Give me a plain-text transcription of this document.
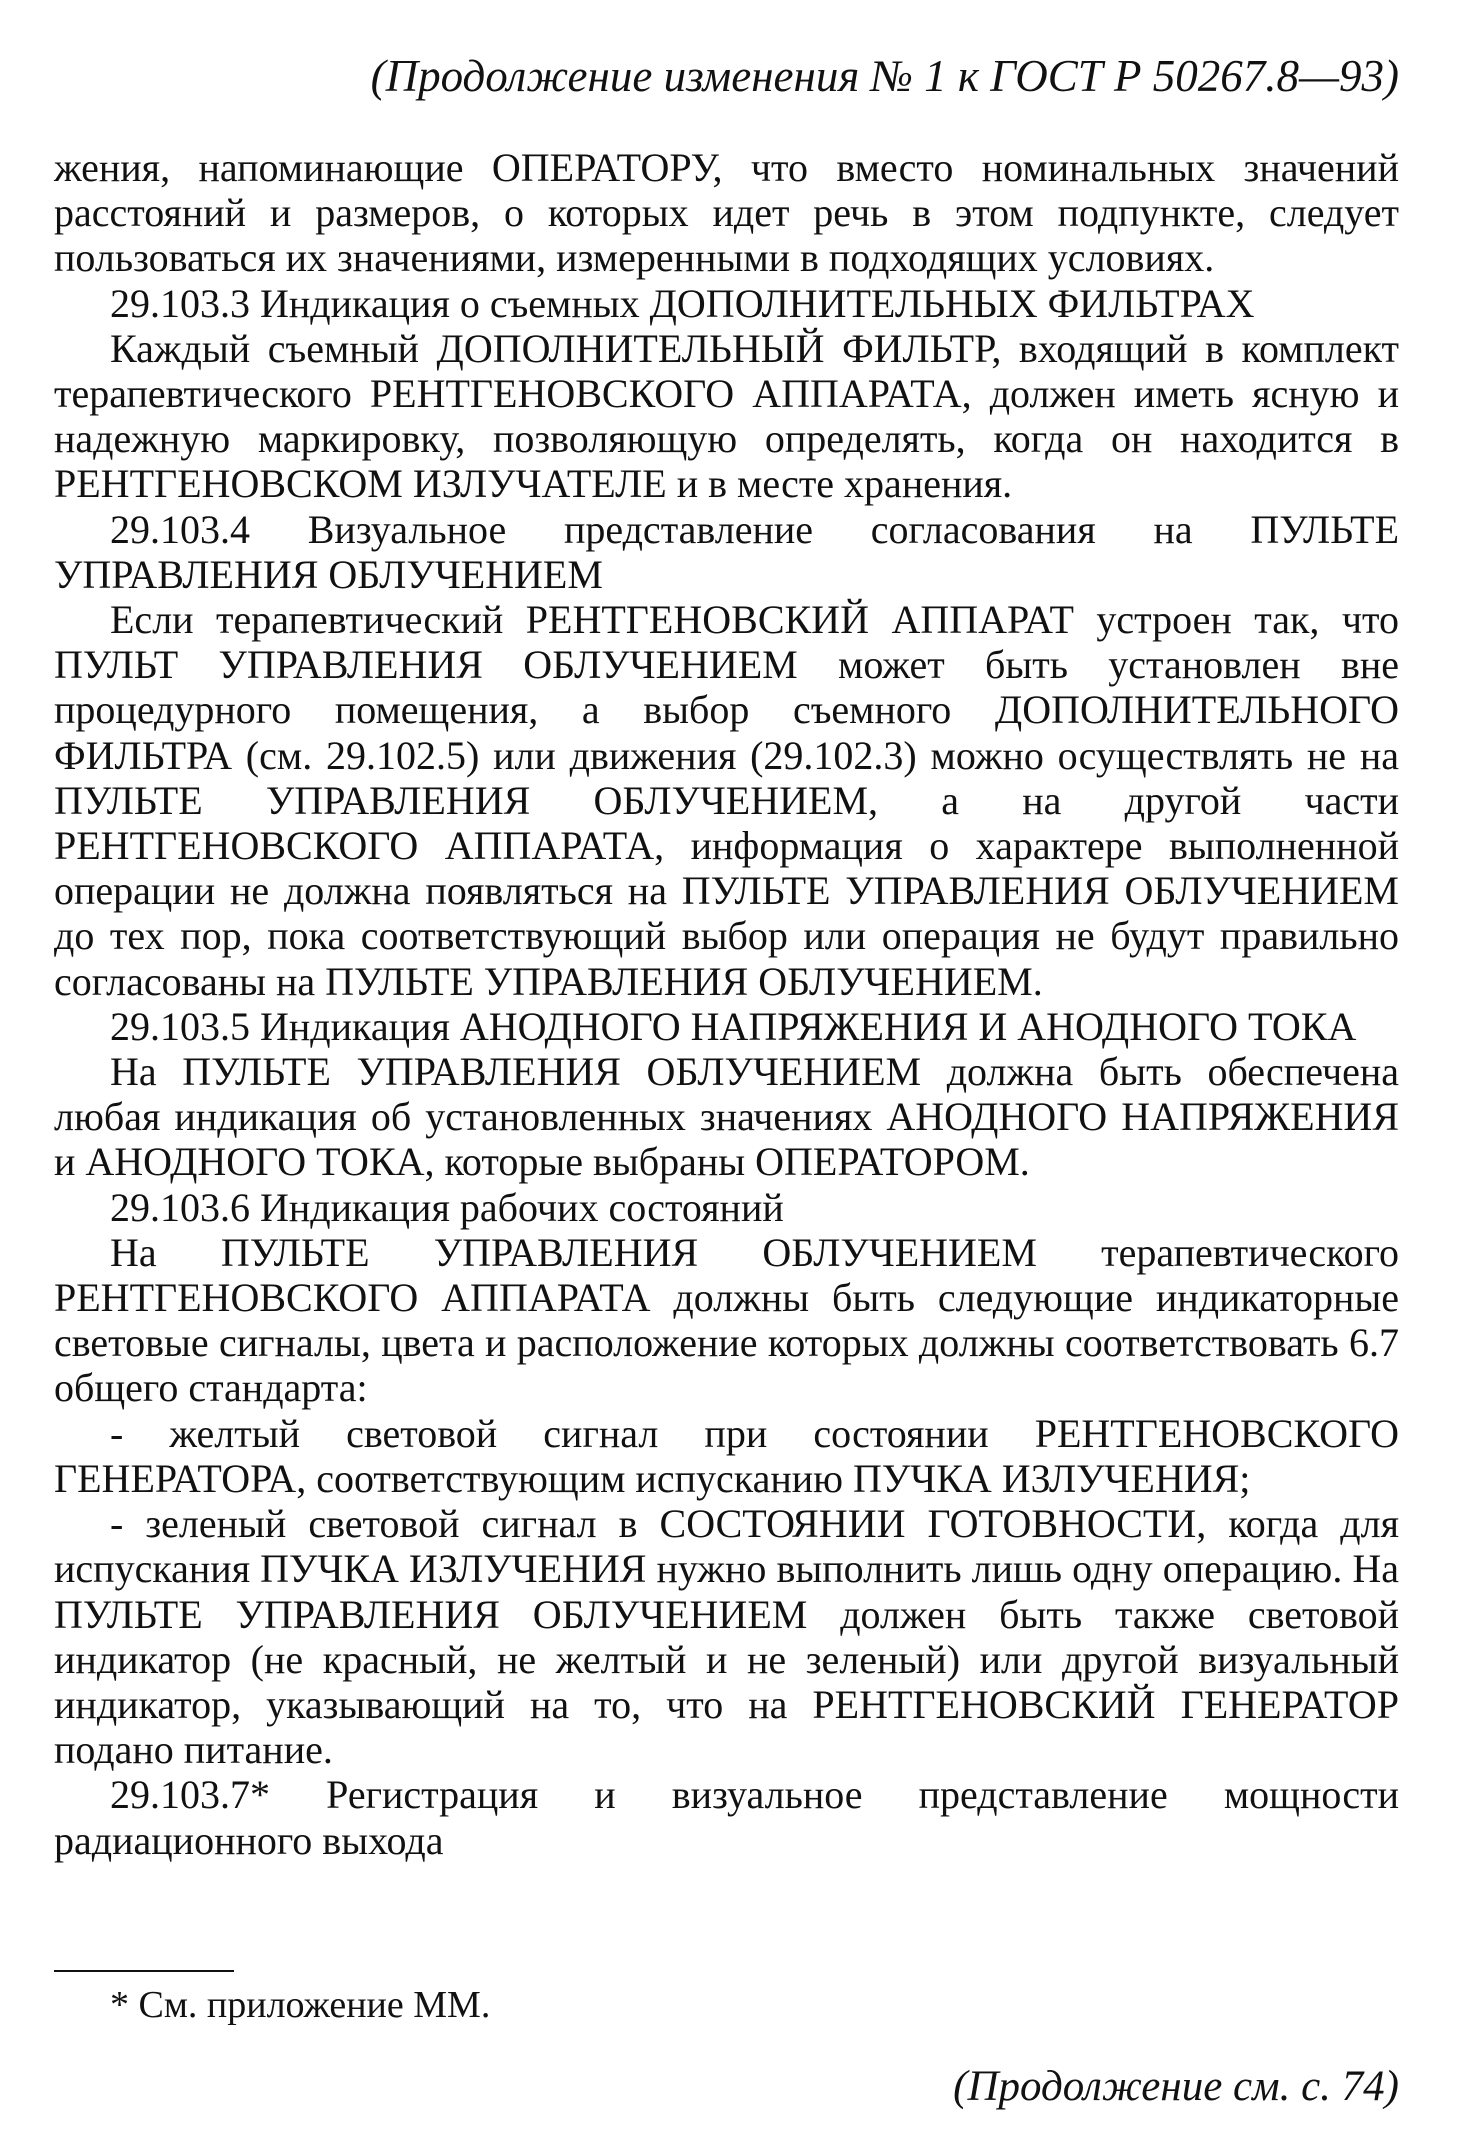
(Продолжение изменения № 1 к ГОСТ Р 50267.8—93)

жения, напоминающие ОПЕРАТОРУ, что вместо номинальных значений расстояний и размеров, о которых идет речь в этом подпункте, следует пользоваться их значениями, измеренными в подходящих условиях.

29.103.3 Индикация о съемных ДОПОЛНИТЕЛЬНЫХ ФИЛЬТРАХ

Каждый съемный ДОПОЛНИТЕЛЬНЫЙ ФИЛЬТР, входящий в комплект терапевтического РЕНТГЕНОВСКОГО АППАРАТА, должен иметь ясную и надежную маркировку, позволяющую определять, когда он находится в РЕНТГЕНОВСКОМ ИЗЛУЧАТЕЛЕ и в месте хранения.

29.103.4 Визуальное представление согласования на ПУЛЬТЕ УПРАВЛЕНИЯ ОБЛУЧЕНИЕМ

Если терапевтический РЕНТГЕНОВСКИЙ АППАРАТ устроен так, что ПУЛЬТ УПРАВЛЕНИЯ ОБЛУЧЕНИЕМ может быть установлен вне процедурного помещения, а выбор съемного ДОПОЛНИТЕЛЬНОГО ФИЛЬТРА (см. 29.102.5) или движения (29.102.3) можно осуществлять не на ПУЛЬТЕ УПРАВЛЕНИЯ ОБЛУЧЕНИЕМ, а на другой части РЕНТГЕНОВСКОГО АППАРАТА, информация о характере выполненной операции не должна появляться на ПУЛЬТЕ УПРАВЛЕНИЯ ОБЛУЧЕНИЕМ до тех пор, пока соответствующий выбор или операция не будут правильно согласованы на ПУЛЬТЕ УПРАВЛЕНИЯ ОБЛУЧЕНИЕМ.

29.103.5 Индикация АНОДНОГО НАПРЯЖЕНИЯ И АНОДНОГО ТОКА

На ПУЛЬТЕ УПРАВЛЕНИЯ ОБЛУЧЕНИЕМ должна быть обеспечена любая индикация об установленных значениях АНОДНОГО НАПРЯЖЕНИЯ и АНОДНОГО ТОКА, которые выбраны ОПЕРАТОРОМ.

29.103.6 Индикация рабочих состояний

На ПУЛЬТЕ УПРАВЛЕНИЯ ОБЛУЧЕНИЕМ терапевтического РЕНТГЕНОВСКОГО АППАРАТА должны быть следующие индикаторные световые сигналы, цвета и расположение которых должны соответствовать 6.7 общего стандарта:

- желтый световой сигнал при состоянии РЕНТГЕНОВСКОГО ГЕНЕРАТОРА, соответствующим испусканию ПУЧКА ИЗЛУЧЕНИЯ;

- зеленый световой сигнал в СОСТОЯНИИ ГОТОВНОСТИ, когда для испускания ПУЧКА ИЗЛУЧЕНИЯ нужно выполнить лишь одну операцию. На ПУЛЬТЕ УПРАВЛЕНИЯ ОБЛУЧЕНИЕМ должен быть также световой индикатор (не красный, не желтый и не зеленый) или другой визуальный индикатор, указывающий на то, что на РЕНТГЕНОВСКИЙ ГЕНЕРАТОР подано питание.

29.103.7* Регистрация и визуальное представление мощности радиационного выхода

* См. приложение ММ.
(Продолжение см. с. 74)
